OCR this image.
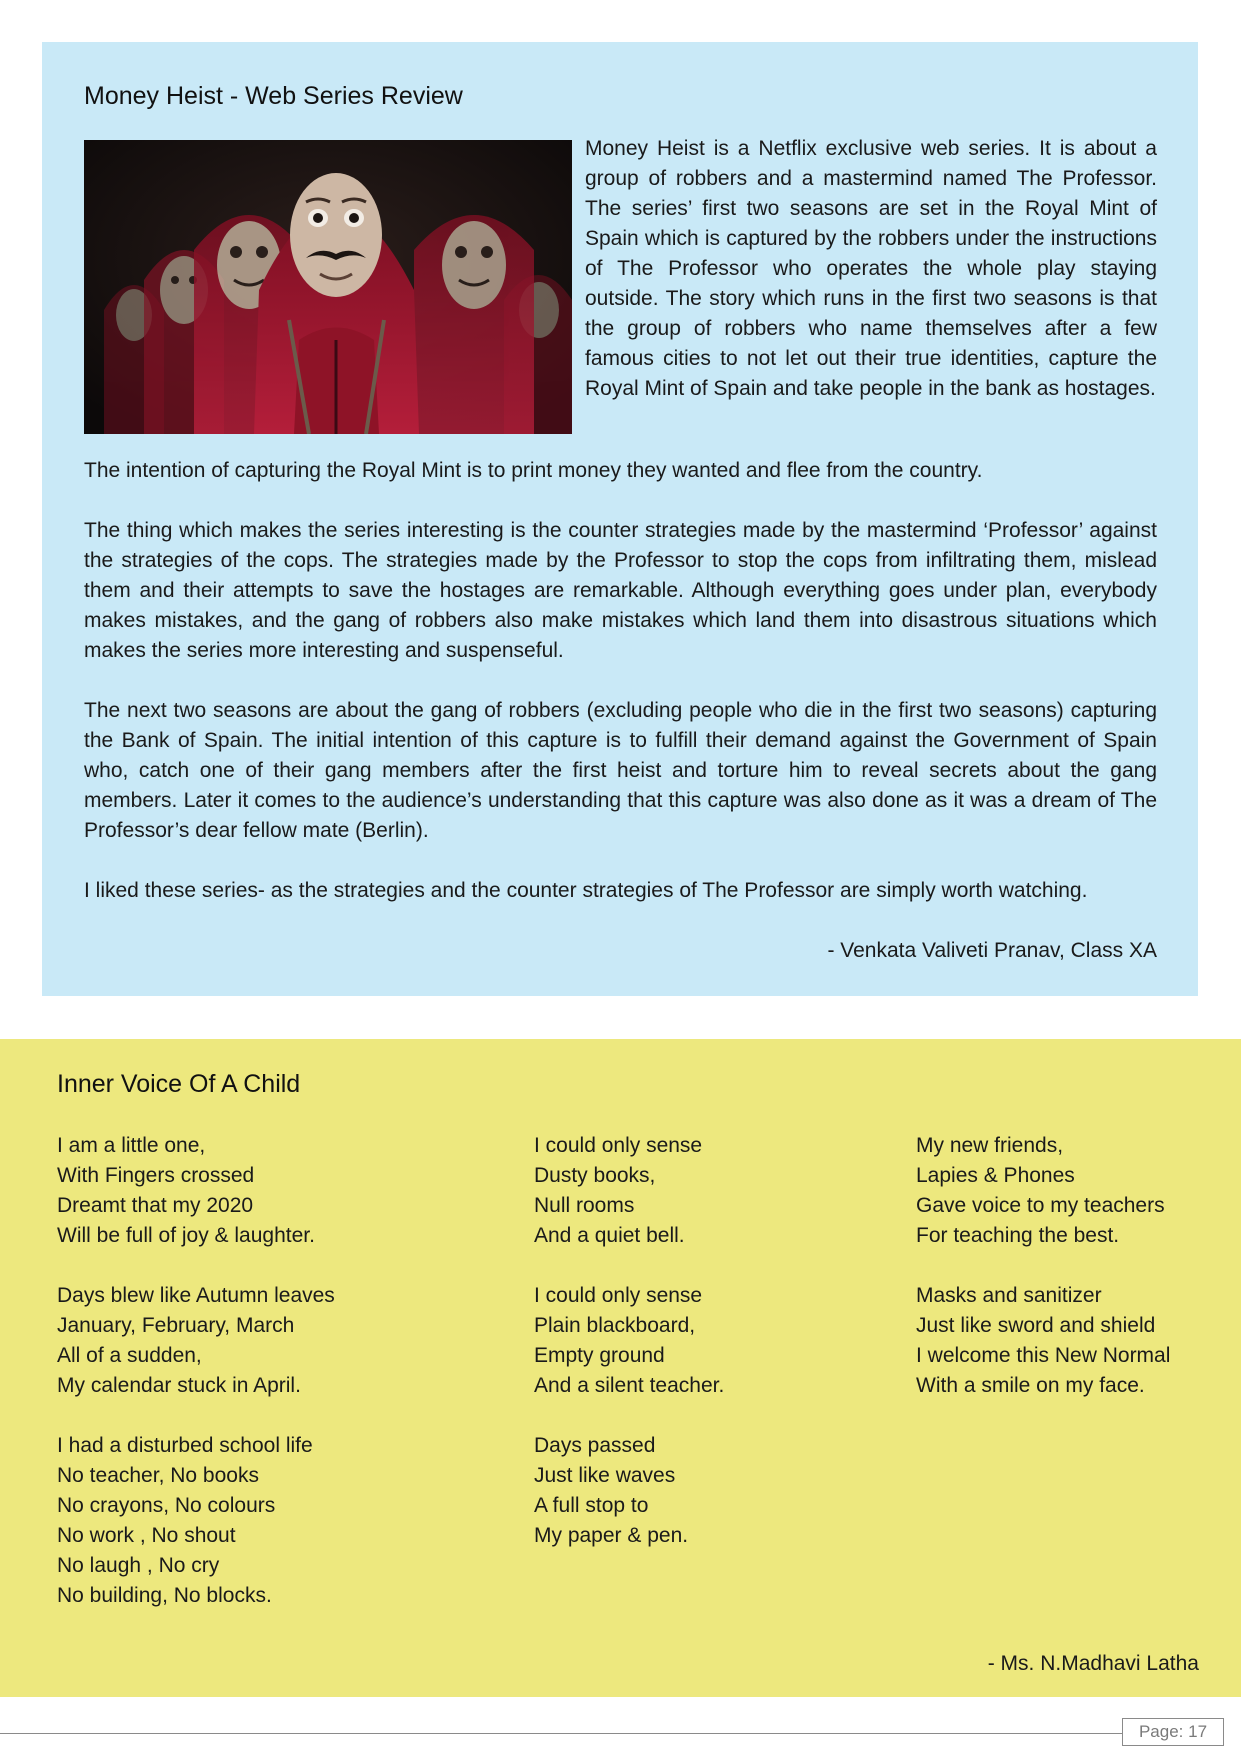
Money Heist - Web Series Review

Money Heist is a Netflix exclusive web series. It is about a group of robbers and a mastermind named The Professor. The series’ first two seasons are set in the Royal Mint of Spain which is captured by the robbers under the instructions of The Professor who operates the whole play staying outside. The story which runs in the first two seasons is that the group of robbers who name themselves after a few famous cities to not let out their true identities, capture the Royal Mint of Spain and take people in the bank as hostages.

The intention of capturing the Royal Mint is to print money they wanted and flee from the country.

The thing which makes the series interesting is the counter strategies made by the mastermind ‘Professor’ against the strategies of the cops. The strategies made by the Professor to stop the cops from infiltrating them, mislead them and their attempts to save the hostages are remarkable. Although everything goes under plan, everybody makes mistakes, and the gang of robbers also make mistakes which land them into disastrous situations which makes the series more interesting and suspenseful.

The next two seasons are about the gang of robbers (excluding people who die in the first two seasons) capturing the Bank of Spain. The initial intention of this capture is to fulfill their demand against the Government of Spain who, catch one of their gang members after the first heist and torture him to reveal secrets about the gang members. Later it comes to the audience’s understanding that this capture was also done as it was a dream of The Professor’s dear fellow mate (Berlin).

I liked these series- as the strategies and the counter strategies of The Professor are simply worth watching.

- Venkata Valiveti Pranav, Class XA
Inner Voice Of A Child
I am a little one,
With Fingers crossed
Dreamt that my 2020
Will be full of joy & laughter.
Days blew like Autumn leaves
January, February, March
All of a sudden,
My calendar stuck in April.
I had a disturbed school life
No teacher, No books
No crayons, No colours
No work , No shout
No laugh , No cry
No building, No blocks.
I could only sense
Dusty books,
Null rooms
And a quiet bell.
I could only sense
Plain blackboard,
Empty ground
And a silent teacher.
Days passed
Just like waves
A full stop to
My paper & pen.
My new friends,
Lapies & Phones
Gave voice to my teachers
For teaching the best.
Masks and sanitizer
Just like sword and shield
I welcome this New Normal
With a smile on my face.
- Ms. N.Madhavi Latha
Page: 17
